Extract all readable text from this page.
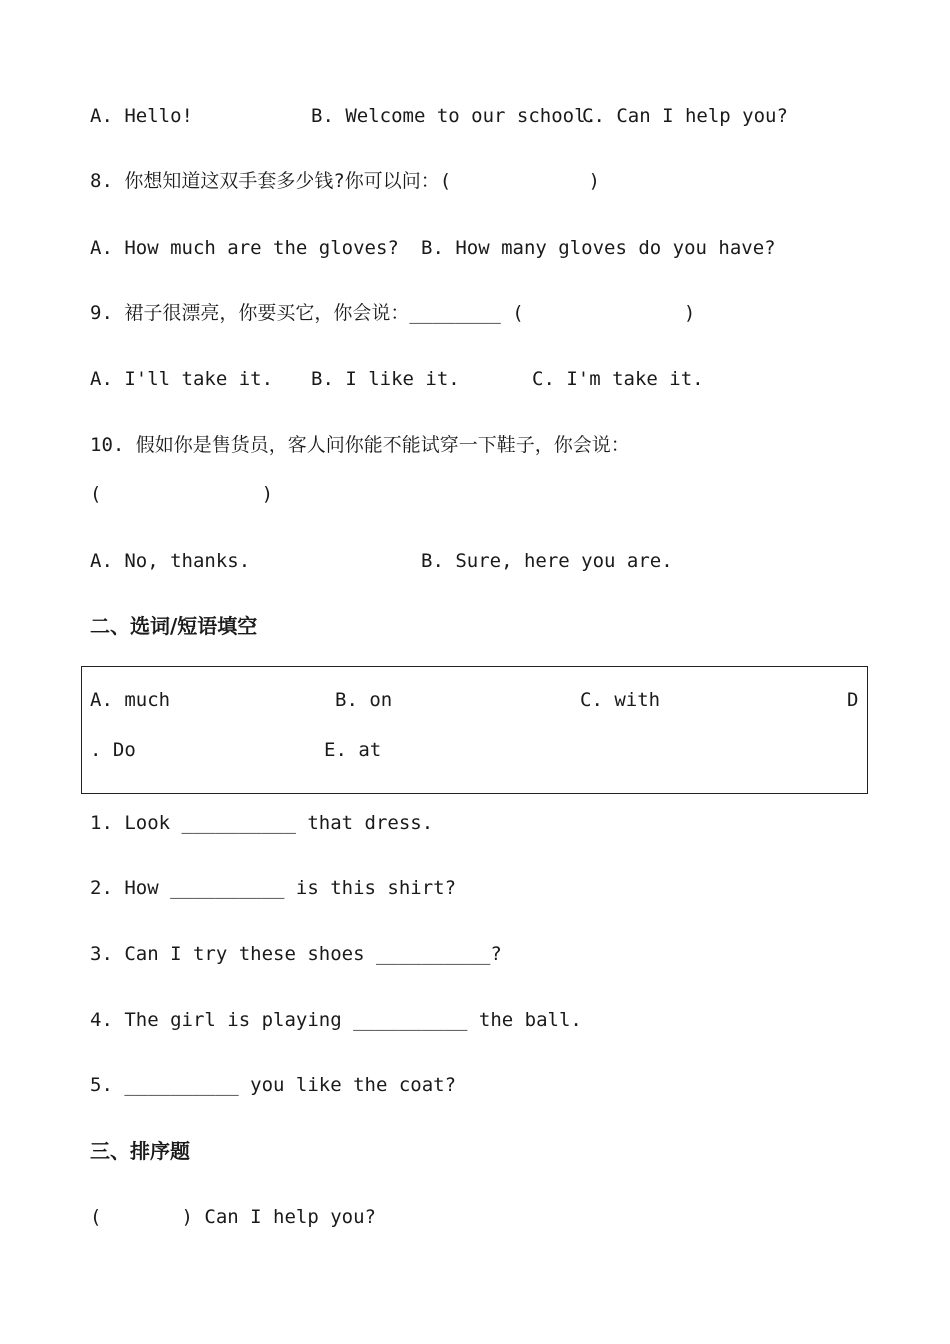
A. Hello!	B. Welcome to our school.
C. Can I help you?
8. 你想知道这双手套多少钱?你可以问：(            )
A. How much are the gloves? B. How many gloves do you have?
9. 裙子很漂亮，你要买它，你会说：________ (              )
A. I'll take it. B. I like it.	C. I'm take it.
10. 假如你是售货员，客人问你能不能试穿一下鞋子，你会说：
(              )
A. No, thanks.	B. Sure, here you are.
二、选词/短语填空
A. much	B. on	C. with	D
. Do	E. at
1. Look __________ that dress.
2. How __________ is this shirt?
3. Can I try these shoes __________?
4. The girl is playing __________ the ball.
5. __________ you like the coat?
三、排序题
(       ) Can I help you?
